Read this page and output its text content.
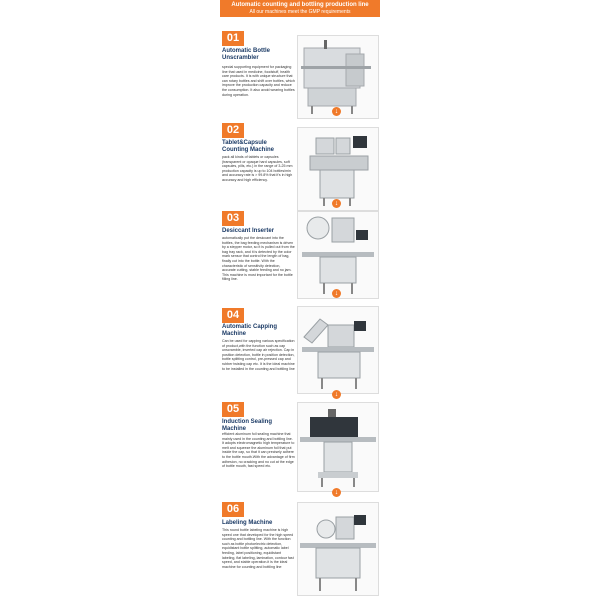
Automatic counting and bottling production line
All our machines meet the GMP requirements
01
Automatic Bottle Unscrambler
special supporting equipment for packaging line that used in medicine, foodstuff, health care products. It is with unique structure that can rotary bottles and shift over bottles, which improve the production capacity and reduce the consumption. It also avoid wearing bottles during operation.
↓
02
Tablet&Capsule Counting Machine
pack all kinds of tablets or capsules (transparent or opaque hard capsules, soft capsules, pills, etc.) in the range of 3-25 mm production capacity is up to 104 bottles/min and accuracy rate is > 99.8% that it's in high accuracy and high efficiency.
↓
03
Desiccant Inserter
automatically put the desiccant into the bottles, the bag feeding mechanism is driven by a stepper motor, so it is pulled out from the bag tray rack, and it is detected by the color mark sensor that control the length of bag, finally cut into the bottle. With the characteristic of sensitivity detection, accurate cutting, stable feeding and no jam. This machine is most important for the bottle filling line.
↓
04
Automatic Capping Machine
Can be used for capping various specification of product,with the function such as cap unscramble, inverted cap air rejection. Cap in position detection, bottle in position detection, bottle splitting control, pre-pressed cap and rubber twisting cap etc. It is the ideal machine to be installed in the counting and bottling line
↓
05
Induction Sealing Machine
efficient aluminum foil sealing machine that mainly used in the counting and bottling line. It adopts electromagnetic high temperature to melt and squeeze the aluminum foil that put inside the cap, so that it can precisely adhere to the bottle mouth.With the advantage of firm adhesion, no cracking and no cut at the edge of bottle mouth, fast speed etc.
↓
06
Labeling Machine
This round bottle labeling machine is high speed one that developed for the high speed counting and bottling line. With the function such as bottle photoelectric detection, equidistant bottle splitting, automatic label feeding, label positioning, equidistant labeling, flat labeling, lamination, contour fast speed, and stable operation.it is the ideal machine for counting and bottling line
